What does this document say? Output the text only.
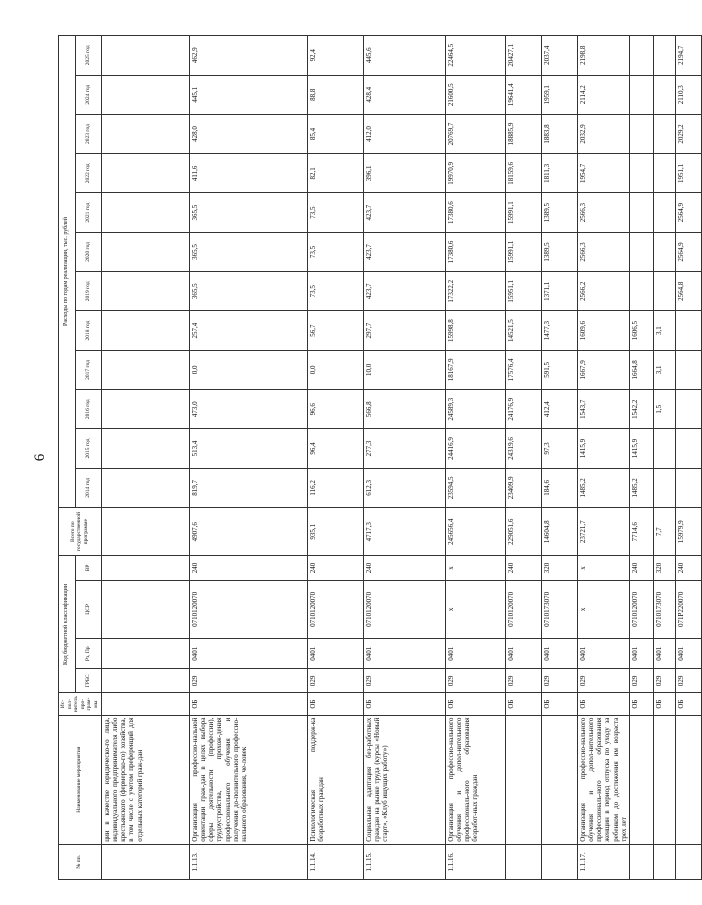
6
№ пп.	Наименование мероприятия	Ис-пол-нитель про-грам-мы	Код бюджетной классификации				Всего по государственной программе	Расходы по годам реализации, тыс. рублей											
			ГРБС	Рз, Пр	ЦСР	ВР		2014 год	2015 год	2016 год	2017 год	2018 год	2019 год	2020 год	2021 год	2022 год	2023 год	2024 год	2025 год
	ции в качестве юридическо-го лица, индивидуального предпринимателя либо крестьянского (фермерско-го) хозяйства, в том числе с учетом преференций для отдельных категорий граж-дан																		
1.1.13.	Организация профессио-нальной ориентации граж-дан в целях выбора сферы деятельности (профессии), трудоустройства, прохож-дения профессионального обучения и получения до-полнительного профессио-нального образования, че-ловек	ОБ	029	0401	0710120070	240	4907,6	819,7	513,4	473,0	0,0	257,4	365,5	365,5	365,5	411,6	428,0	445,1	462,9
1.1.14.	Психологическая поддерж-ка безработных граждан	ОБ	029	0401	0710120070	240	935,1	116,2	96,4	96,6	0,0	56,7	73,5	73,5	73,5	82,1	85,4	88,8	92,4
1.1.15.	Социальная адаптация без-работных граждан на рынке труда (курсы «Новый старт», «Клуб ищущих работу»)	ОБ	029	0401	0710120070	240	4717,3	612,3	277,3	566,8	10,0	297,7	423,7	423,7	423,7	396,1	412,0	428,4	445,6
1.1.16.	Организация профессио-нального обучения и допол-нительного профессиональ-ного образования безработ-ных граждан	ОБ	029	0401	x	x	245656,4	23594,5	24416,9	24589,3	18167,9	15998,8	17322,2	17380,6	17380,6	19970,9	20769,7	21600,5	22464,5
		ОБ	029	0401	0710120070	240	229051,6	23409,9	24319,6	24176,9	17576,4	14521,5	15951,1	15991,1	15991,1	18159,6	18885,9	19641,4	20427,1
		ОБ	029	0401	0710173070	320	14604,8	184,6	97,3	412,4	591,5	1477,3	1371,1	1389,5	1389,5	1811,3	1883,8	1959,1	2037,4
1.1.17.	Организация профессио-нального обучения и допол-нительного профессиональ-ного образования женщин в период отпуска по уходу за ребенком до достижения им возраста трех лет	ОБ	029	0401	x	x	23721,7	1485,2	1415,9	1543,7	1667,9	1609,6	2566,2	2566,3	2566,3	1954,7	2032,9	2114,2	2198,8
		ОБ	029	0401	0710120070	240	7714,6	1485,2	1415,9	1542,2	1664,8	1606,5							
		ОБ	029	0401	0710173070	320	7,7			1,5	3,1	3,1							
		ОБ	029	0401	071P220070	240	15979,9						2564,8	2564,9	2564,9	1951,1	2029,2	2110,3	2194,7
